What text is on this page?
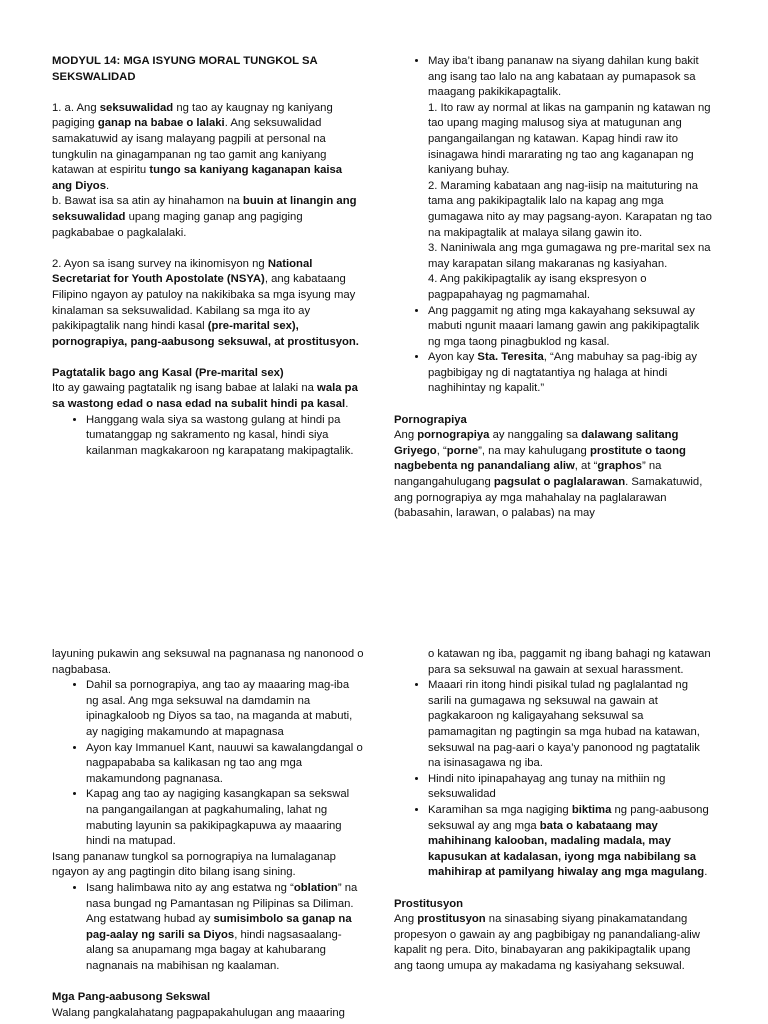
MODYUL 14: MGA ISYUNG MORAL TUNGKOL SA SEKSWALIDAD

1. a. Ang seksuwalidad ng tao ay kaugnay ng kaniyang pagiging ganap na babae o lalaki. Ang seksuwalidad samakatuwid ay isang malayang pagpili at personal na tungkulin na ginagampanan ng tao gamit ang kaniyang katawan at espiritu tungo sa kaniyang kaganapan kaisa ang Diyos.

b. Bawat isa sa atin ay hinahamon na buuin at linangin ang seksuwalidad upang maging ganap ang pagiging pagkababae o pagkalalaki.

2. Ayon sa isang survey na ikinomisyon ng National Secretariat for Youth Apostolate (NSYA), ang kabataang Filipino ngayon ay patuloy na nakikibaka sa mga isyung may kinalaman sa seksuwalidad. Kabilang sa mga ito ay pakikipagtalik nang hindi kasal (pre-marital sex), pornograpiya, pang-aabusong seksuwal, at prostitusyon.

Pagtatalik bago ang Kasal (Pre-marital sex)

Ito ay gawaing pagtatalik ng isang babae at lalaki na wala pa sa wastong edad o nasa edad na subalit hindi pa kasal.

• Hanggang wala siya sa wastong gulang at hindi pa tumatanggap ng sakramento ng kasal, hindi siya kailanman magkakaroon ng karapatang makipagtalik.
• May iba’t ibang pananaw na siyang dahilan kung bakit ang isang tao lalo na ang kabataan ay pumapasok sa maagang pakikikapagtalik.

1. Ito raw ay normal at likas na gampanin ng katawan ng tao upang maging malusog siya at matugunan ang pangangailangan ng katawan. Kapag hindi raw ito isinagawa hindi mararating ng tao ang kaganapan ng kaniyang buhay.

2. Maraming kabataan ang nag-iisip na maituturing na tama ang pakikipagtalik lalo na kapag ang mga gumagawa nito ay may pagsang-ayon. Karapatan ng tao na makipagtalik at malaya silang gawin ito.

3. Naniniwala ang mga gumagawa ng pre-marital sex na may karapatan silang makaranas ng kasiyahan.

4. Ang pakikipagtalik ay isang ekspresyon o pagpapahayag ng pagmamahal.

• Ang paggamit ng ating mga kakayahang seksuwal ay mabuti ngunit maaari lamang gawin ang pakikipagtalik ng mga taong pinagbuklod ng kasal.
• Ayon kay Sta. Teresita, “Ang mabuhay sa pag-ibig ay pagbibigay ng di nagtatantiya ng halaga at hindi naghihintay ng kapalit.”

Pornograpiya

Ang pornograpiya ay nanggaling sa dalawang salitang Griyego, “porne”, na may kahulugang prostitute o taong nagbebenta ng panandaliang aliw, at “graphos” na nangangahulugang pagsulat o paglalarawan. Samakatuwid, ang pornograpiya ay mga mahahalay na paglalarawan (babasahin, larawan, o palabas) na may

layuning pukawin ang seksuwal na pagnanasa ng nanonood o nagbabasa.

• Dahil sa pornograpiya, ang tao ay maaaring mag-iba ng asal. Ang mga seksuwal na damdamin na ipinagkaloob ng Diyos sa tao, na maganda at mabuti, ay nagiging makamundo at mapagnasa
• Ayon kay Immanuel Kant, nauuwi sa kawalangdangal o nagpapababa sa kalikasan ng tao ang mga makamundong pagnanasa.
• Kapag ang tao ay nagiging kasangkapan sa sekswal na pangangailangan at pagkahumaling, lahat ng mabuting layunin sa pakikipagkapuwa ay maaaring hindi na matupad.

Isang pananaw tungkol sa pornograpiya na lumalaganap ngayon ay ang pagtingin dito bilang isang sining.

• Isang halimbawa nito ay ang estatwa ng “oblation” na nasa bungad ng Pamantasan ng Pilipinas sa Diliman. Ang estatwang hubad ay sumisimbolo sa ganap na pag-aalay ng sarili sa Diyos, hindi nagsasaalang-alang sa anupamang mga bagay at kahubarang nagnanais na mabihisan ng kaalaman.

Mga Pang-aabusong Sekswal

Walang pangkalahatang pagpapakahulugan ang maaaring

o katawan ng iba, paggamit ng ibang bahagi ng katawan para sa seksuwal na gawain at sexual harassment.

• Maaari rin itong hindi pisikal tulad ng paglalantad ng sarili na gumagawa ng seksuwal na gawain at pagkakaroon ng kaligayahang seksuwal sa pamamagitan ng pagtingin sa mga hubad na katawan, seksuwal na pag-aari o kaya’y panonood ng pagtatalik na isinasagawa ng iba.
• Hindi nito ipinapahayag ang tunay na mithiin ng seksuwalidad
• Karamihan sa mga nagiging biktima ng pang-aabusong seksuwal ay ang mga bata o kabataang may mahihinang kalooban, madaling madala, may kapusukan at kadalasan, iyong mga nabibilang sa mahihirap at pamilyang hiwalay ang mga magulang.

Prostitusyon

Ang prostitusyon na sinasabing siyang pinakamatandang propesyon o gawain ay ang pagbibigay ng panandaliang-aliw kapalit ng pera. Dito, binabayaran ang pakikipagtalik upang ang taong umupa ay makadama ng kasiyahang seksuwal.
